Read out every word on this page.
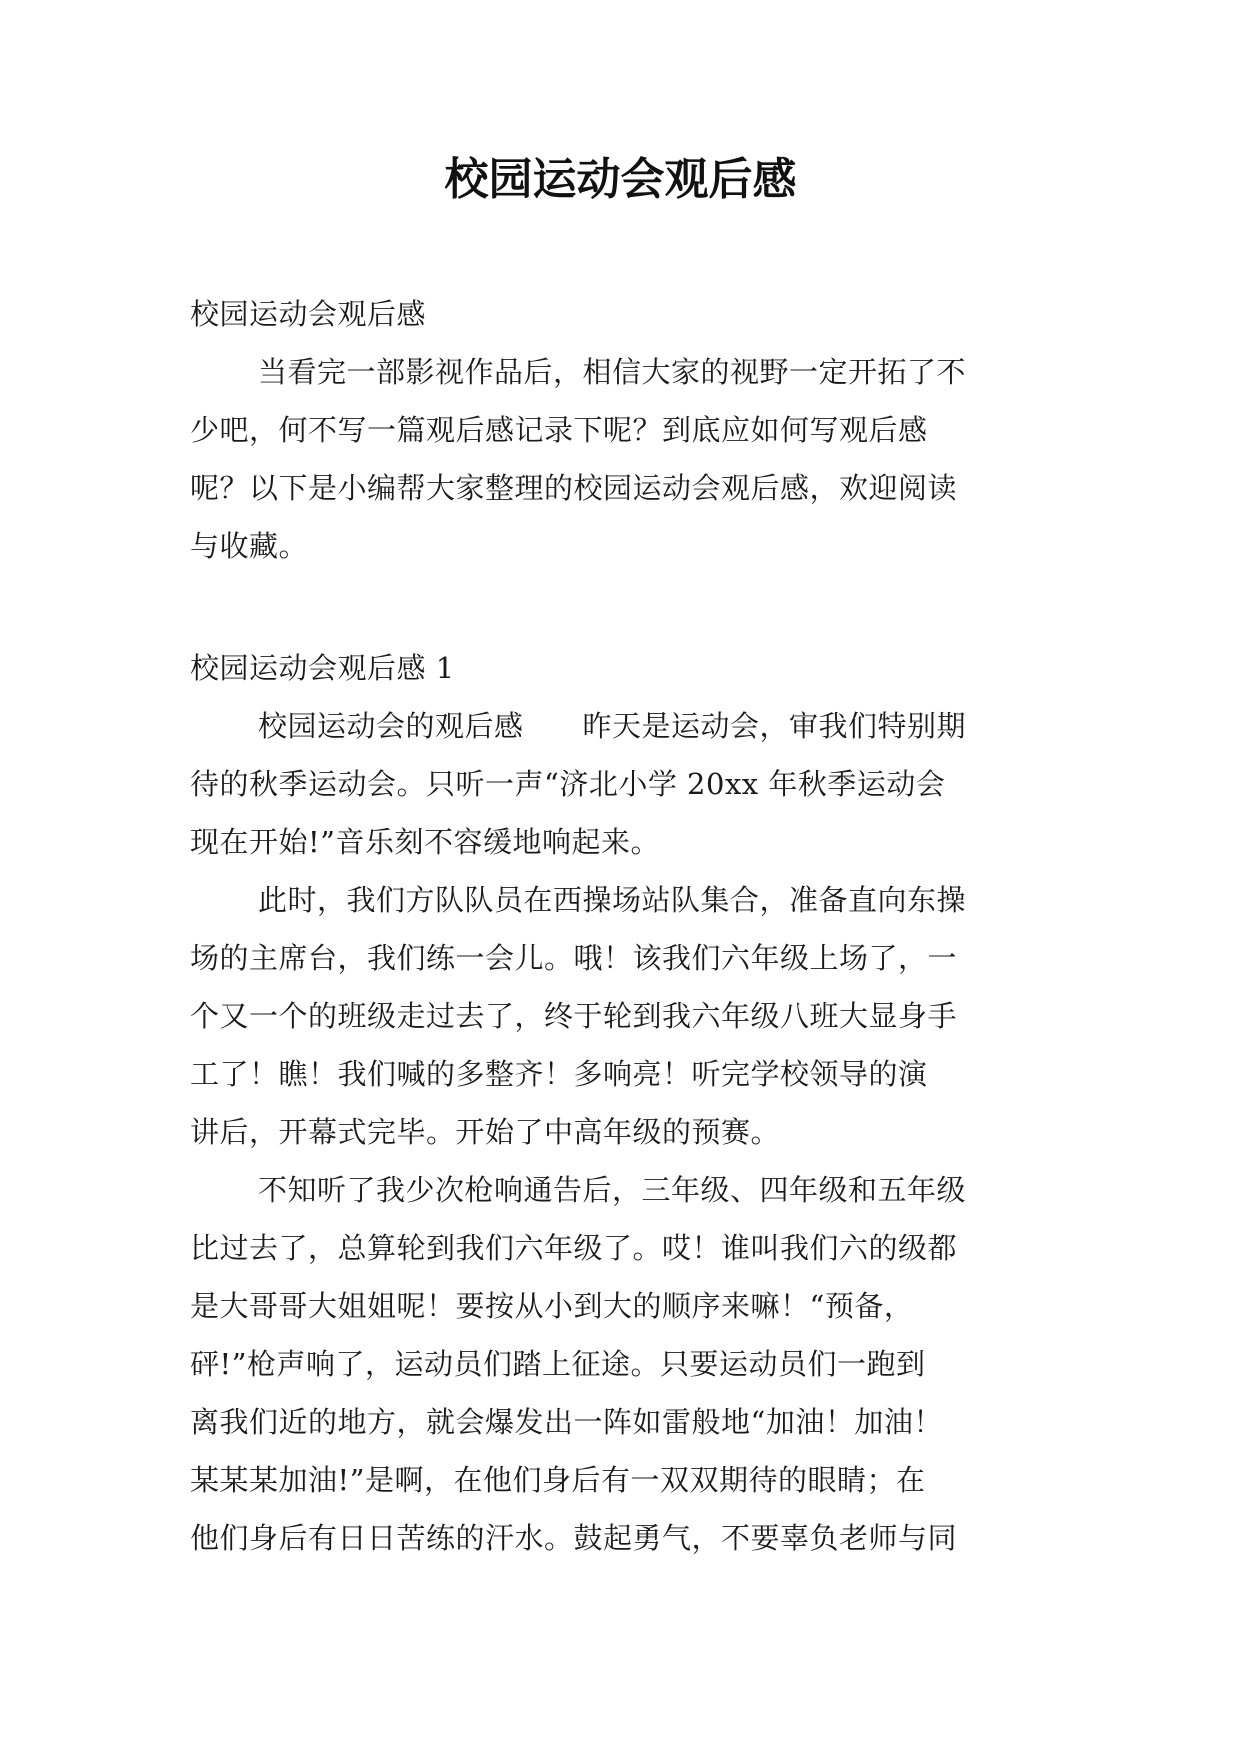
校园运动会观后感
校园运动会观后感
当看完一部影视作品后，相信大家的视野一定开拓了不
少吧，何不写一篇观后感记录下呢？到底应如何写观后感
呢？以下是小编帮大家整理的校园运动会观后感，欢迎阅读
与收藏。
校园运动会观后感 1
校园运动会的观后感　　昨天是运动会，审我们特别期
待的秋季运动会。只听一声“济北小学 20xx 年秋季运动会
现在开始!”音乐刻不容缓地响起来。
此时，我们方队队员在西操场站队集合，准备直向东操
场的主席台，我们练一会儿。哦！该我们六年级上场了，一
个又一个的班级走过去了，终于轮到我六年级八班大显身手
工了！瞧！我们喊的多整齐！多响亮！听完学校领导的演
讲后，开幕式完毕。开始了中高年级的预赛。
不知听了我少次枪响通告后，三年级、四年级和五年级
比过去了，总算轮到我们六年级了。哎！谁叫我们六的级都
是大哥哥大姐姐呢！要按从小到大的顺序来嘛！“预备，
砰!”枪声响了，运动员们踏上征途。只要运动员们一跑到
离我们近的地方，就会爆发出一阵如雷般地“加油！加油！
某某某加油!”是啊，在他们身后有一双双期待的眼睛；在
他们身后有日日苦练的汗水。鼓起勇气，不要辜负老师与同
